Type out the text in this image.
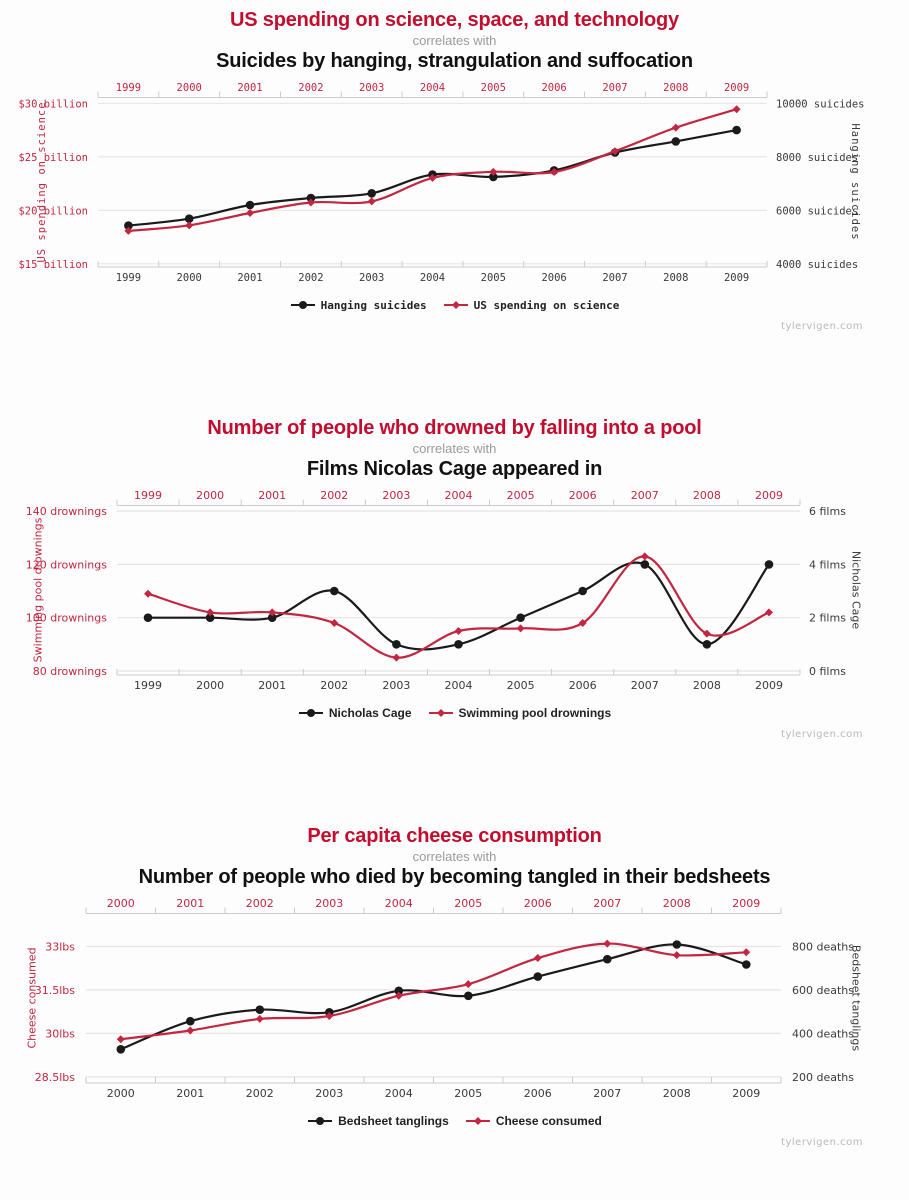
US spending on science, space, and technology
correlates with
Suicides by hanging, strangulation and suffocation
1999
1999
2000
2000
2001
2001
2002
2002
2003
2003
2004
2004
2005
2005
2006
2006
2007
2007
2008
2008
2009
2009
$30 billion
$25 billion
$20 billion
$15 billion
10000 suicides
8000 suicides
6000 suicides
4000 suicides
US spending on science	Hanging suicides
Hanging suicides	US spending on science
tylervigen.com
Number of people who drowned by falling into a pool
correlates with
Films Nicolas Cage appeared in
1999
1999
2000
2000
2001
2001
2002
2002
2003
2003
2004
2004
2005
2005
2006
2006
2007
2007
2008
2008
2009
2009
140 drownings
120 drownings
100 drownings
80 drownings
6 films
4 films
2 films
0 films
Swimming pool drownings	Nicholas Cage
Nicholas Cage	Swimming pool drownings
tylervigen.com
Per capita cheese consumption
correlates with
Number of people who died by becoming tangled in their bedsheets
2000
2000
2001
2001
2002
2002
2003
2003
2004
2004
2005
2005
2006
2006
2007
2007
2008
2008
2009
2009
33lbs
31.5lbs
30lbs
28.5lbs
800 deaths
600 deaths
400 deaths
200 deaths
Cheese consumed	Bedsheet tanglings
Bedsheet tanglings	Cheese consumed
tylervigen.com
